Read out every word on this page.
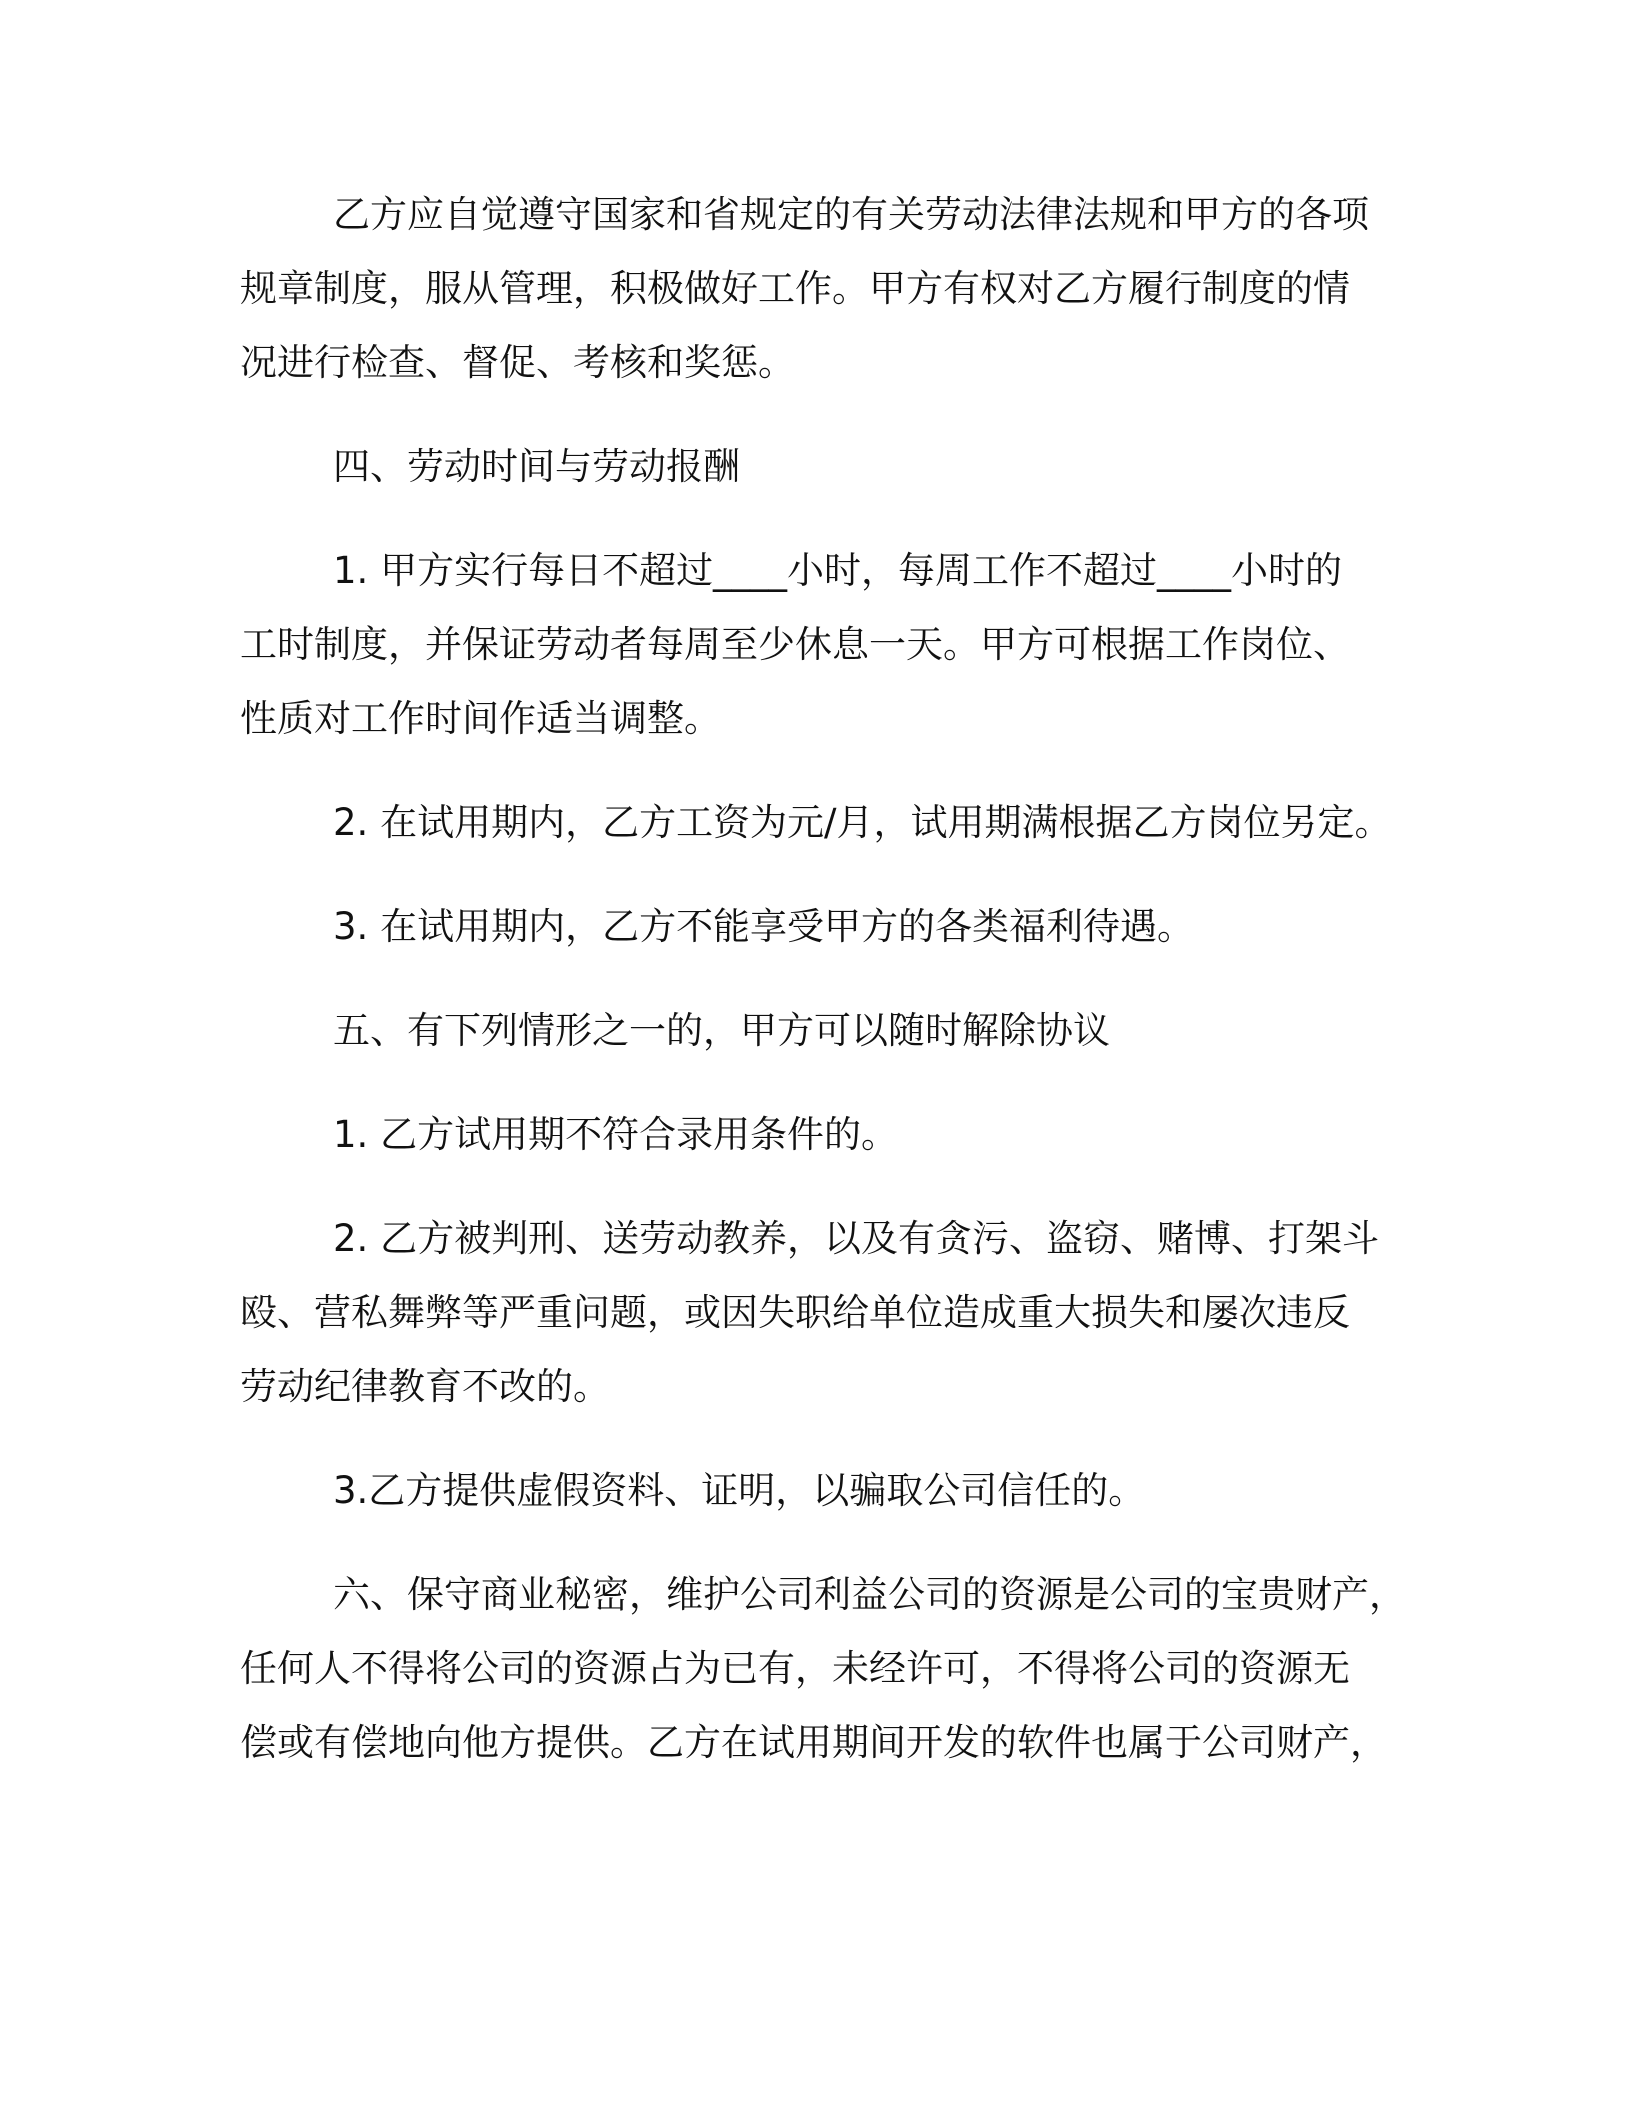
乙方应自觉遵守国家和省规定的有关劳动法律法规和甲方的各项
规章制度，服从管理，积极做好工作。甲方有权对乙方履行制度的情
况进行检查、督促、考核和奖惩。

四、劳动时间与劳动报酬

1. 甲方实行每日不超过____小时，每周工作不超过____小时的
工时制度，并保证劳动者每周至少休息一天。甲方可根据工作岗位、
性质对工作时间作适当调整。

2. 在试用期内，乙方工资为元/月，试用期满根据乙方岗位另定。

3. 在试用期内，乙方不能享受甲方的各类福利待遇。

五、有下列情形之一的，甲方可以随时解除协议

1. 乙方试用期不符合录用条件的。

2. 乙方被判刑、送劳动教养，以及有贪污、盗窃、赌博、打架斗
殴、营私舞弊等严重问题，或因失职给单位造成重大损失和屡次违反
劳动纪律教育不改的。

3.乙方提供虚假资料、证明，以骗取公司信任的。

六、保守商业秘密，维护公司利益公司的资源是公司的宝贵财产，
任何人不得将公司的资源占为已有，未经许可，不得将公司的资源无
偿或有偿地向他方提供。乙方在试用期间开发的软件也属于公司财产，
